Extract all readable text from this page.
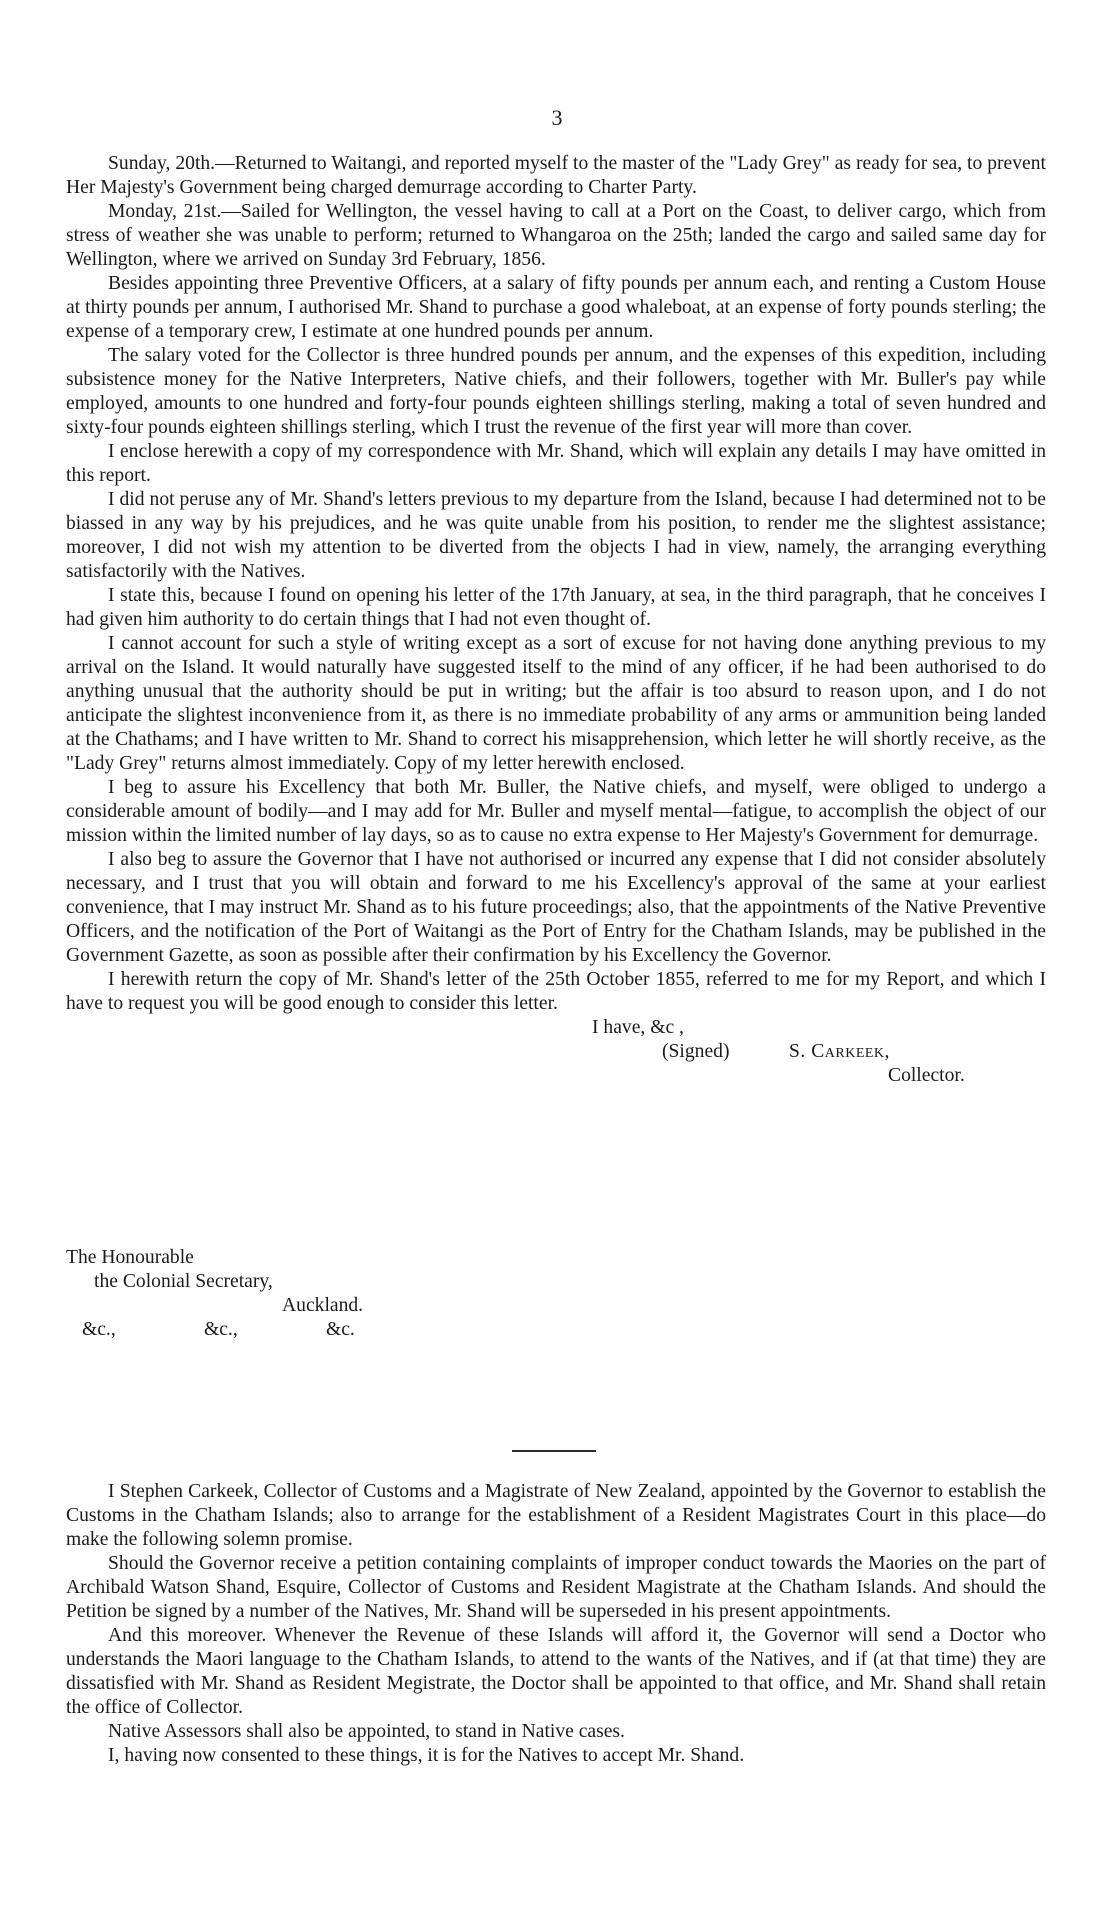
3

Sunday, 20th.—Returned to Waitangi, and reported myself to the master of the "Lady Grey" as ready for sea, to prevent Her Majesty's Government being charged demurrage according to Charter Party.

Monday, 21st.—Sailed for Wellington, the vessel having to call at a Port on the Coast, to deliver cargo, which from stress of weather she was unable to perform; returned to Whangaroa on the 25th; landed the cargo and sailed same day for Wellington, where we arrived on Sunday 3rd February, 1856.

Besides appointing three Preventive Officers, at a salary of fifty pounds per annum each, and renting a Custom House at thirty pounds per annum, I authorised Mr. Shand to purchase a good whaleboat, at an expense of forty pounds sterling; the expense of a temporary crew, I estimate at one hundred pounds per annum.

The salary voted for the Collector is three hundred pounds per annum, and the expenses of this expedition, including subsistence money for the Native Interpreters, Native chiefs, and their followers, together with Mr. Buller's pay while employed, amounts to one hundred and forty-four pounds eighteen shillings sterling, making a total of seven hundred and sixty-four pounds eighteen shillings sterling, which I trust the revenue of the first year will more than cover.

I enclose herewith a copy of my correspondence with Mr. Shand, which will explain any details I may have omitted in this report.

I did not peruse any of Mr. Shand's letters previous to my departure from the Island, because I had determined not to be biassed in any way by his prejudices, and he was quite unable from his position, to render me the slightest assistance; moreover, I did not wish my attention to be diverted from the objects I had in view, namely, the arranging everything satisfactorily with the Natives.

I state this, because I found on opening his letter of the 17th January, at sea, in the third paragraph, that he conceives I had given him authority to do certain things that I had not even thought of.

I cannot account for such a style of writing except as a sort of excuse for not having done anything previous to my arrival on the Island. It would naturally have suggested itself to the mind of any officer, if he had been authorised to do anything unusual that the authority should be put in writing; but the affair is too absurd to reason upon, and I do not anticipate the slightest inconvenience from it, as there is no immediate probability of any arms or ammunition being landed at the Chathams; and I have written to Mr. Shand to correct his misapprehension, which letter he will shortly receive, as the "Lady Grey" returns almost immediately. Copy of my letter herewith enclosed.

I beg to assure his Excellency that both Mr. Buller, the Native chiefs, and myself, were obliged to undergo a considerable amount of bodily—and I may add for Mr. Buller and myself mental—fatigue, to accomplish the object of our mission within the limited number of lay days, so as to cause no extra expense to Her Majesty's Government for demurrage.

I also beg to assure the Governor that I have not authorised or incurred any expense that I did not consider absolutely necessary, and I trust that you will obtain and forward to me his Excellency's approval of the same at your earliest convenience, that I may instruct Mr. Shand as to his future proceedings; also, that the appointments of the Native Preventive Officers, and the notification of the Port of Waitangi as the Port of Entry for the Chatham Islands, may be published in the Government Gazette, as soon as possible after their confirmation by his Excellency the Governor.

I herewith return the copy of Mr. Shand's letter of the 25th October 1855, referred to me for my Report, and which I have to request you will be good enough to consider this letter.

I have, &c ,

(Signed)	S. Carkeek,

Collector.

The Honourable

the Colonial Secretary,

Auckland.

&c.,	&c.,	&c.

I Stephen Carkeek, Collector of Customs and a Magistrate of New Zealand, appointed by the Governor to establish the Customs in the Chatham Islands; also to arrange for the establishment of a Resident Magistrates Court in this place—do make the following solemn promise.

Should the Governor receive a petition containing complaints of improper conduct towards the Maories on the part of Archibald Watson Shand, Esquire, Collector of Customs and Resident Magistrate at the Chatham Islands. And should the Petition be signed by a number of the Natives, Mr. Shand will be superseded in his present appointments.

And this moreover. Whenever the Revenue of these Islands will afford it, the Governor will send a Doctor who understands the Maori language to the Chatham Islands, to attend to the wants of the Natives, and if (at that time) they are dissatisfied with Mr. Shand as Resident Megistrate, the Doctor shall be appointed to that office, and Mr. Shand shall retain the office of Collector.

Native Assessors shall also be appointed, to stand in Native cases.

I, having now consented to these things, it is for the Natives to accept Mr. Shand.
